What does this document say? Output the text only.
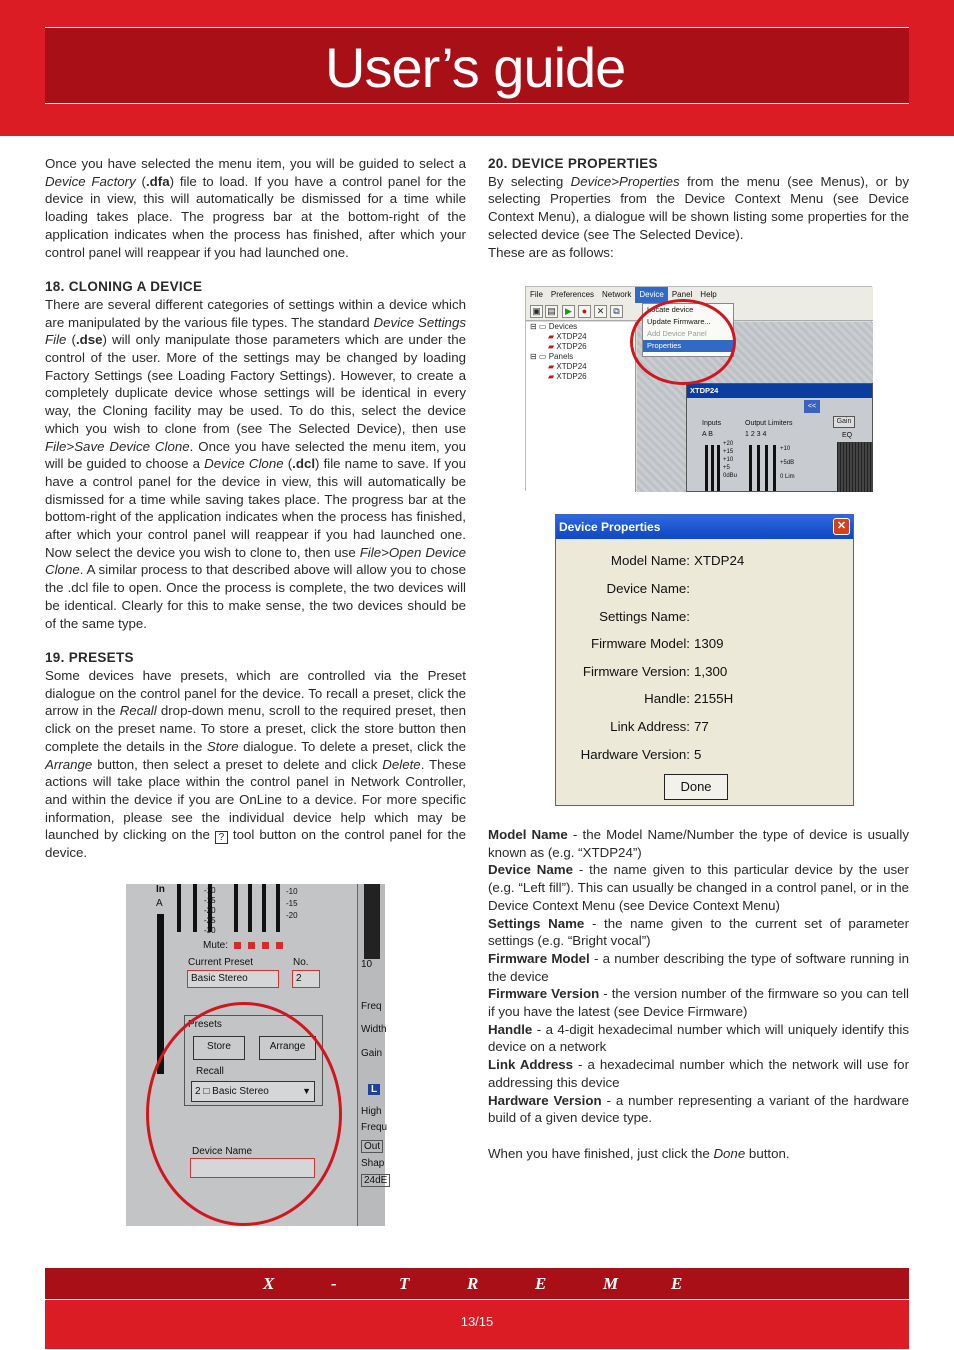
User’s guide

Once you have selected the menu item, you will be guided to select a Device Factory (.dfa) file to load. If you have a control panel for the device in view, this will automatically be dismissed for a time while loading takes place. The progress bar at the bottom-right of the application indicates when the process has finished, after which your control panel will reappear if you had launched one.

18. CLONING A DEVICE

There are several different categories of settings within a device which are manipulated by the various file types. The standard Device Settings File (.dse) will only manipulate those parameters which are under the control of the user. More of the settings may be changed by loading Factory Settings (see Loading Factory Settings). However, to create a completely duplicate device whose settings will be identical in every way, the Cloning facility may be used. To do this, select the device which you wish to clone from (see The Selected Device), then use File>Save Device Clone. Once you have selected the menu item, you will be guided to choose a Device Clone (.dcl) file name to save. If you have a control panel for the device in view, this will automatically be dismissed for a time while saving takes place. The progress bar at the bottom-right of the application indicates when the process has finished, after which your control panel will reappear if you had launched one. Now select the device you wish to clone to, then use File>Open Device Clone. A similar process to that described above will allow you to chose the .dcl file to open. Once the process is complete, the two devices will be identical. Clearly for this to make sense, the two devices should be of the same type.

19. PRESETS

Some devices have presets, which are controlled via the Preset dialogue on the control panel for the device. To recall a preset, click the arrow in the Recall drop-down menu, scroll to the required preset, then click on the preset name. To store a preset, click the store button then complete the details in the Store dialogue. To delete a preset, click the Arrange button, then select a preset to delete and click Delete. These actions will take place within the control panel in Network Controller, and within the device if you are OnLine to a device. For more specific information, please see the individual device help which may be launched by clicking on the ? tool button on the control panel for the device.

20. DEVICE PROPERTIES

By selecting Device>Properties from the menu (see Menus), or by selecting Properties from the Device Context Menu (see Device Context Menu), a dialogue will be shown listing some properties for the selected device (see The Selected Device).

These are as follows:

Model Name - the Model Name/Number the type of device is usually known as (e.g. “XTDP24”)

Device Name - the name given to this particular device by the user (e.g. “Left fill”). This can usually be changed in a control panel, or in the Device Context Menu (see Device Context Menu)

Settings Name - the name given to the current set of parameter settings (e.g. “Bright vocal”)

Firmware Model - a number describing the type of software running in the device

Firmware Version - the version number of the firmware so you can tell if you have the latest (see Device Firmware)

Handle - a 4-digit hexadecimal number which will uniquely identify this device on a network

Link Address - a hexadecimal number which the network will use for addressing this device

Hardware Version - a number representing a variant of the hardware build of a given device type.

When you have finished, just click the Done button.

File Preferences Network Device Panel Help
▣ ▤	▶	●	✕	⧉
⊟ ▭ Devices
▰ XTDP24
▰ XTDP26
⊟ ▭ Panels
▰ XTDP24
▰ XTDP26
XTDP24
<<
Inputs
A B
Output Limiters
1 2 3 4
Gain
EQ
+20
+15
+10
+5
0dBu
+10
+5dB
0 Lim
Locate device
Update Firmware...
Add Device Panel
Properties
Device Properties	✕
Model Name: XTDP24
Device Name:
Settings Name:
Firmware Model: 1309
Firmware Version: 1,300
Handle: 2155H
Link Address: 77
Hardware Version: 5
Done
In
A
-10
-15
-20
-25
-30
-10
-15
-20
Mute:
Current Preset	No.
Basic Stereo	2
Presets
Store	Arrange
Recall
2 □ Basic Stereo	▼
Device Name
10
Freq
Width
Gain
L
High
Frequ
Out
Shap
24dE
X	-	T	R	E	M	E
13/15
